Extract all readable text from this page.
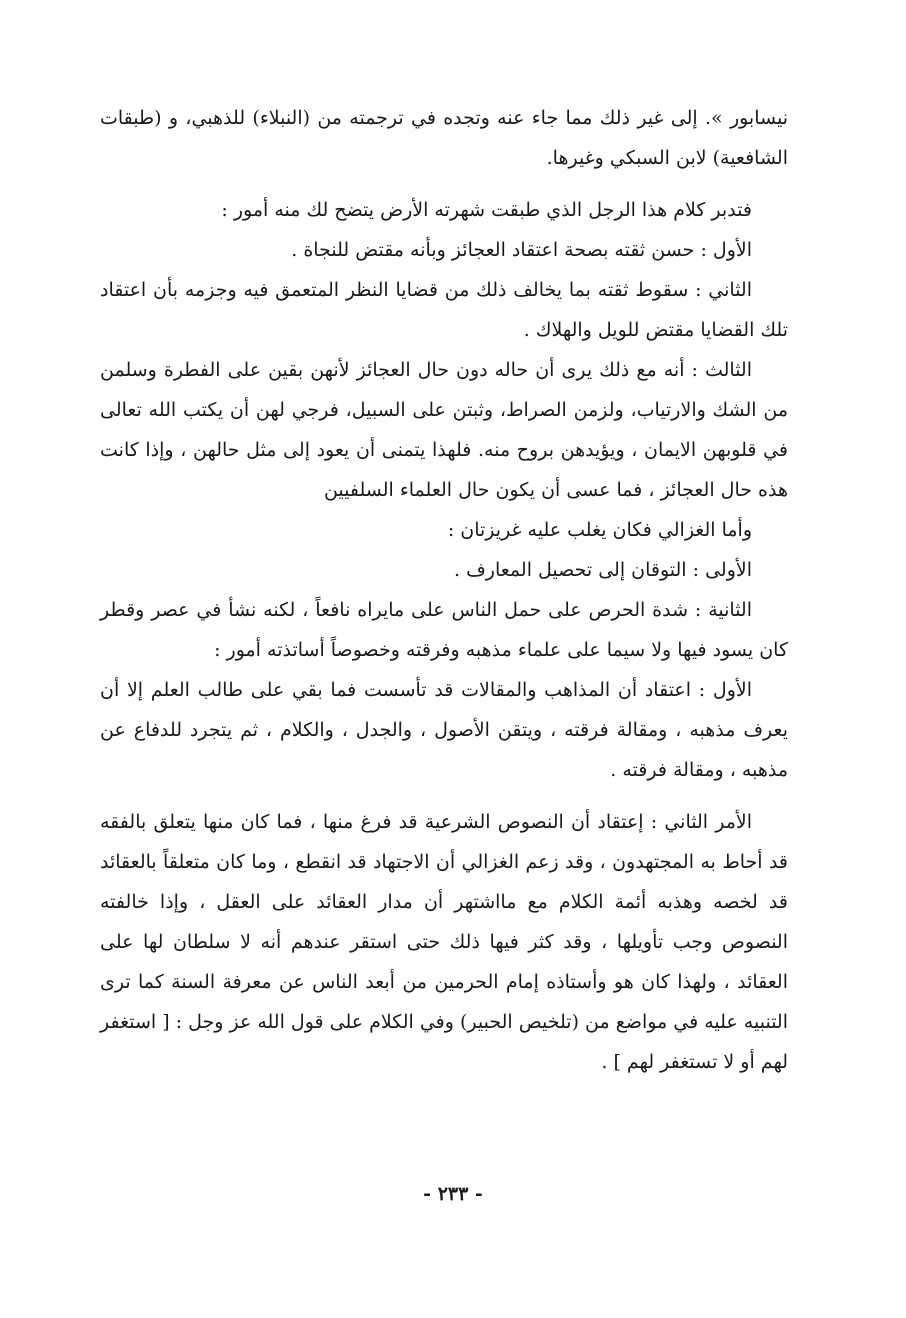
نيسابور ». إلى غير ذلك مما جاء عنه وتجده في ترجمته من (النبلاء) للذهبي، و (طبقات الشافعية) لابن السبكي وغيرها.

فتدبر كلام هذا الرجل الذي طبقت شهرته الأرض يتضح لك منه أمور :

الأول : حسن ثقته بصحة اعتقاد العجائز وبأنه مقتض للنجاة .

الثاني : سقوط ثقته بما يخالف ذلك من قضايا النظر المتعمق فيه وجزمه بأن اعتقاد تلك القضايا مقتض للويل والهلاك .

الثالث : أنه مع ذلك يرى أن حاله دون حال العجائز لأنهن بقين على الفطرة وسلمن من الشك والارتياب، ولزمن الصراط، وثبتن على السبيل، فرجي لهن أن يكتب الله تعالى في قلوبهن الايمان ، ويؤيدهن بروح منه. فلهذا يتمنى أن يعود إلى مثل حالهن ، وإذا كانت هذه حال العجائز ، فما عسى أن يكون حال العلماء السلفيين

وأما الغزالي فكان يغلب عليه غريزتان :

الأولى : التوقان إلى تحصيل المعارف .

الثانية : شدة الحرص على حمل الناس على مايراه نافعاً ، لكنه نشأ في عصر وقطر كان يسود فيها ولا سيما على علماء مذهبه وفرقته وخصوصاً أساتذته أمور :

الأول : اعتقاد أن المذاهب والمقالات قد تأسست فما بقي على طالب العلم إلا أن يعرف مذهبه ، ومقالة فرقته ، ويتقن الأصول ، والجدل ، والكلام ، ثم يتجرد للدفاع عن مذهبه ، ومقالة فرقته .

الأمر الثاني : إعتقاد أن النصوص الشرعية قد فرغ منها ، فما كان منها يتعلق بالفقه قد أحاط به المجتهدون ، وقد زعم الغزالي أن الاجتهاد قد انقطع ، وما كان متعلقاً بالعقائد قد لخصه وهذبه أئمة الكلام مع مااشتهر أن مدار العقائد على العقل ، وإذا خالفته النصوص وجب تأويلها ، وقد كثر فيها ذلك حتى استقر عندهم أنه لا سلطان لها على العقائد ، ولهذا كان هو وأستاذه إمام الحرمين من أبعد الناس عن معرفة السنة كما ترى التنبيه عليه في مواضع من (تلخيص الحبير) وفي الكلام على قول الله عز وجل : [ استغفر لهم أو لا تستغفر لهم ] .

- ٢٣٣ -
